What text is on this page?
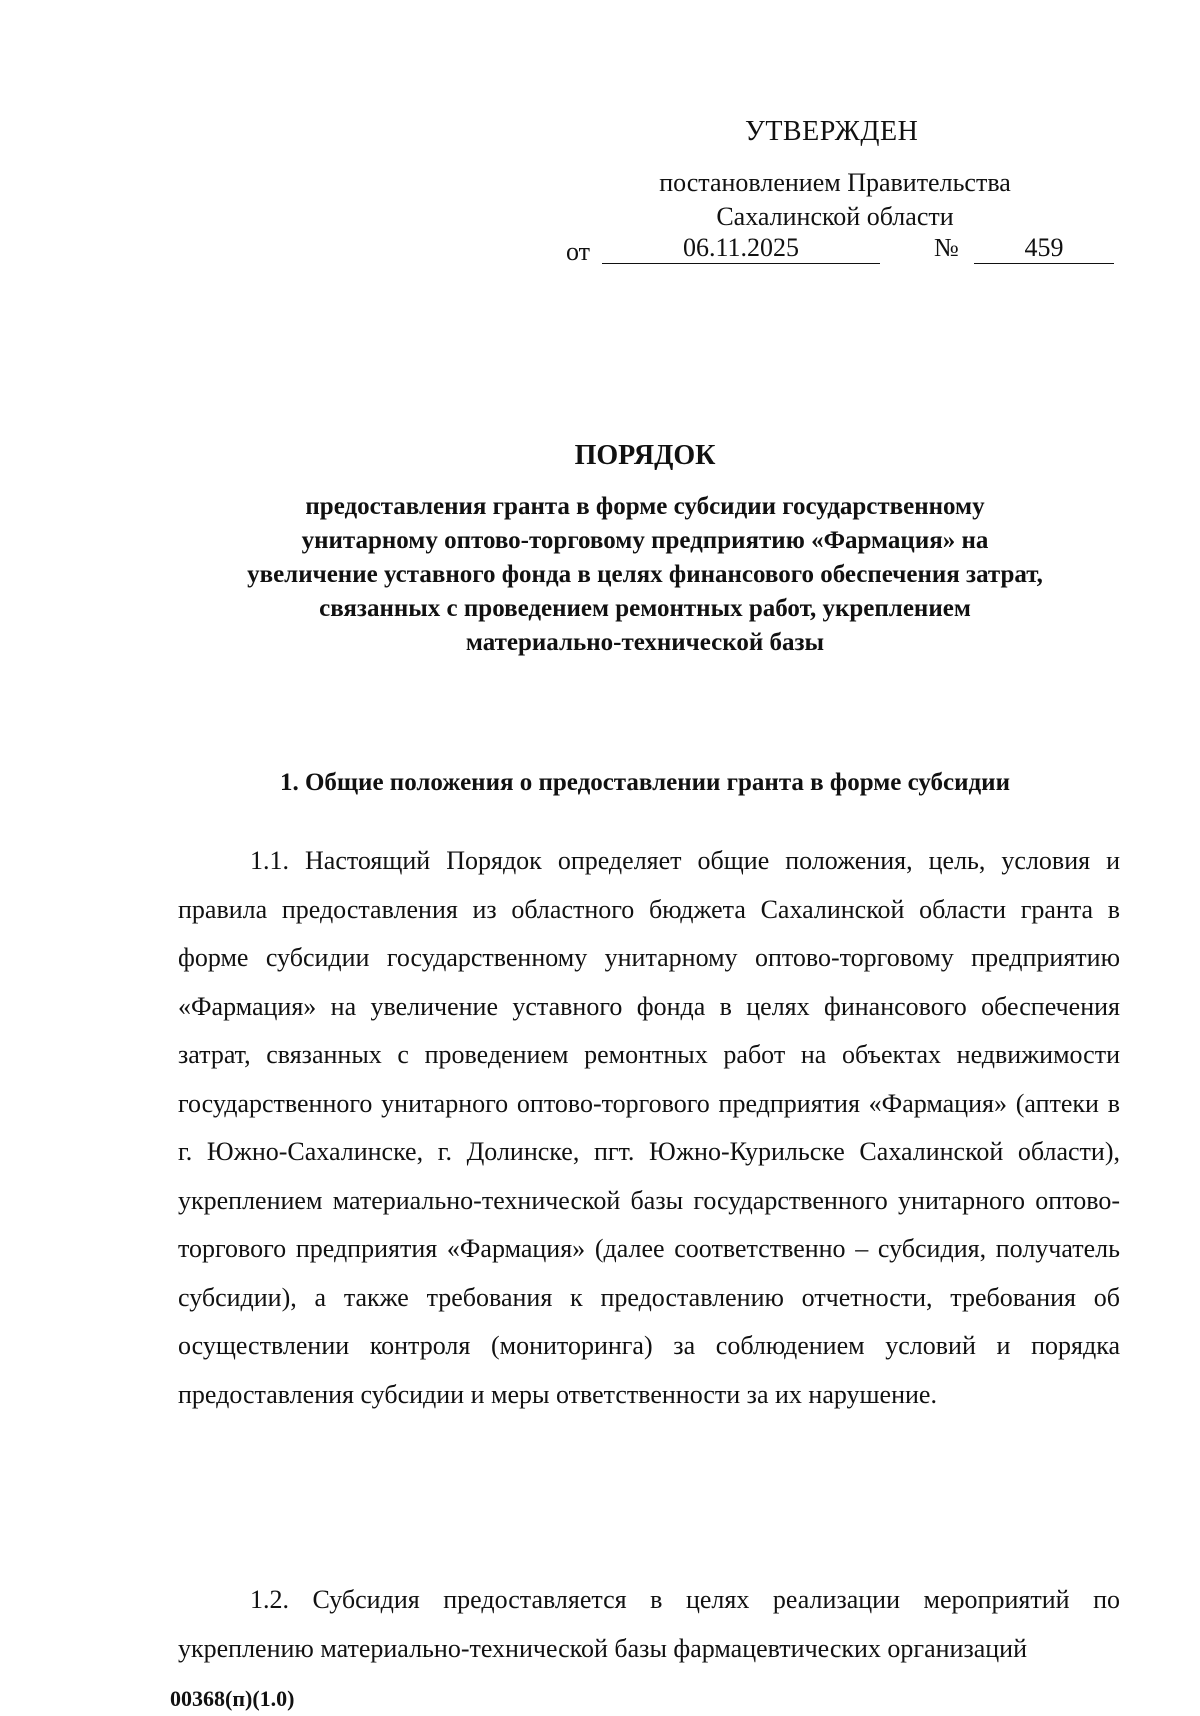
УТВЕРЖДЕН
постановлением Правительства
Сахалинской области
от	06.11.2025	№	459
ПОРЯДОК
предоставления гранта в форме субсидии государственному унитарному оптово-торговому предприятию «Фармация» на увеличение уставного фонда в целях финансового обеспечения затрат, связанных с проведением ремонтных работ, укреплением материально-технической базы
1. Общие положения о предоставлении гранта в форме субсидии
1.1. Настоящий Порядок определяет общие положения, цель, условия и правила предоставления из областного бюджета Сахалинской области гранта в форме субсидии государственному унитарному оптово-торговому предприятию «Фармация» на увеличение уставного фонда в целях финансового обеспечения затрат, связанных с проведением ремонтных работ на объектах недвижимости государственного унитарного оптово-торгового предприятия «Фармация» (аптеки в г. Южно-Сахалинске, г. Долинске, пгт. Южно-Курильске Сахалинской области), укреплением материально-технической базы государственного унитарного оптово-торгового предприятия «Фармация» (далее соответственно – субсидия, получатель субсидии), а также требования к предоставлению отчетности, требования об осуществлении контроля (мониторинга) за соблюдением условий и порядка предоставления субсидии и меры ответственности за их нарушение.
1.2. Субсидия предоставляется в целях реализации мероприятий по укреплению материально-технической базы фармацевтических организаций
00368(п)(1.0)
